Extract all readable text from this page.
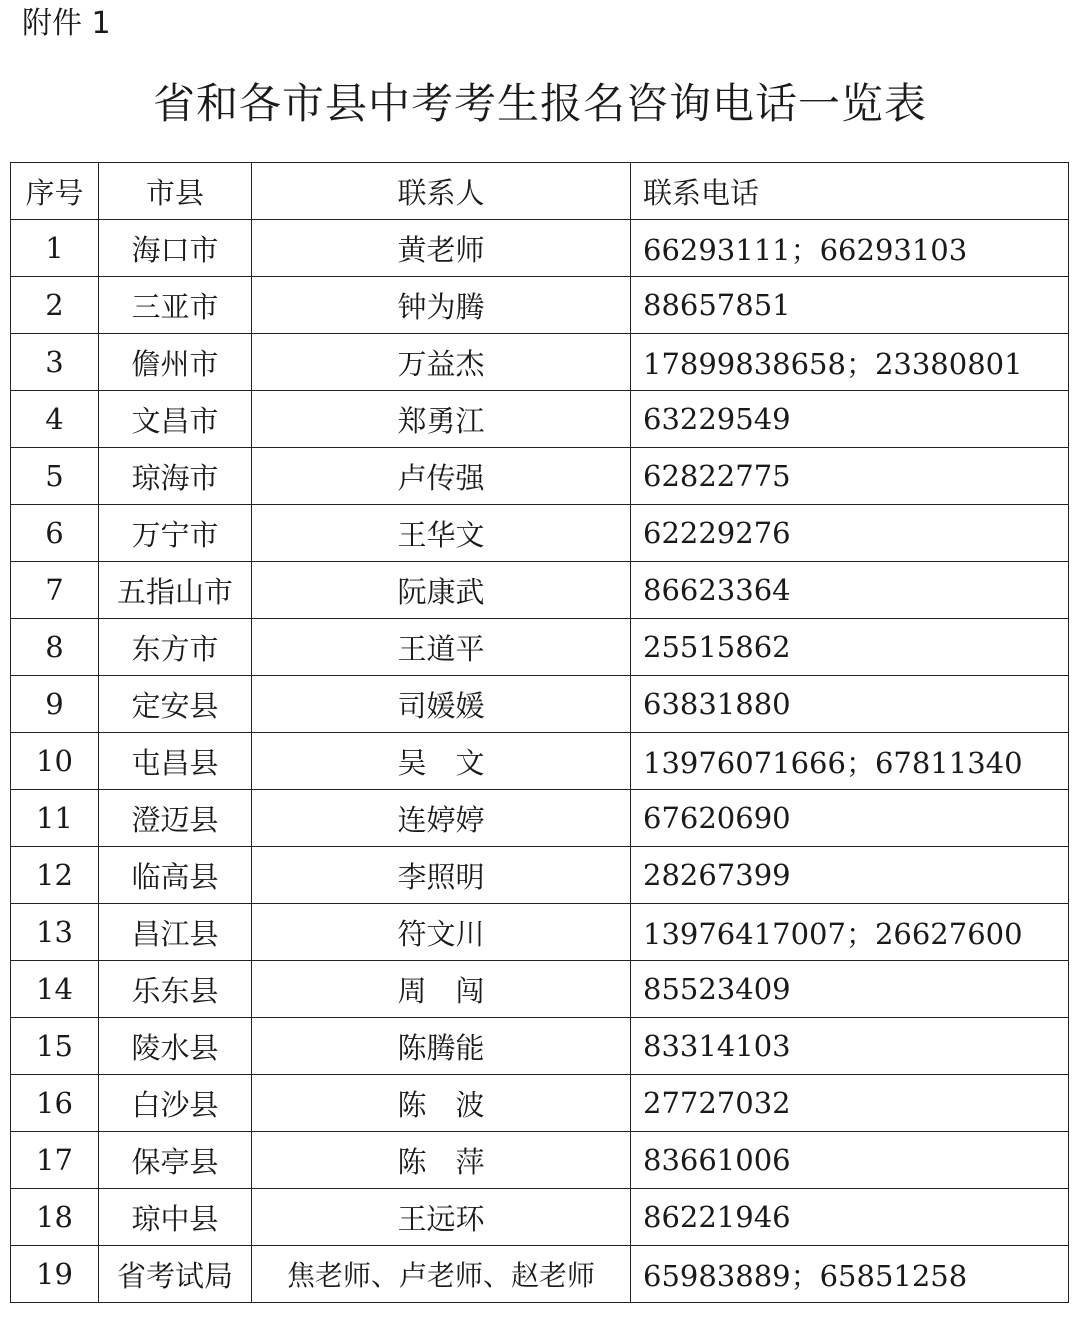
附件 1
省和各市县中考考生报名咨询电话一览表
序号	市县	联系人	联系电话
1	海口市	黄老师	66293111；66293103
2	三亚市	钟为腾	88657851
3	儋州市	万益杰	17899838658；23380801
4	文昌市	郑勇江	63229549
5	琼海市	卢传强	62822775
6	万宁市	王华文	62229276
7	五指山市	阮康武	86623364
8	东方市	王道平	25515862
9	定安县	司媛媛	63831880
10	屯昌县	吴　文	13976071666；67811340
11	澄迈县	连婷婷	67620690
12	临高县	李照明	28267399
13	昌江县	符文川	13976417007；26627600
14	乐东县	周　闯	85523409
15	陵水县	陈腾能	83314103
16	白沙县	陈　波	27727032
17	保亭县	陈　萍	83661006
18	琼中县	王远环	86221946
19	省考试局	焦老师、卢老师、赵老师	65983889；65851258
